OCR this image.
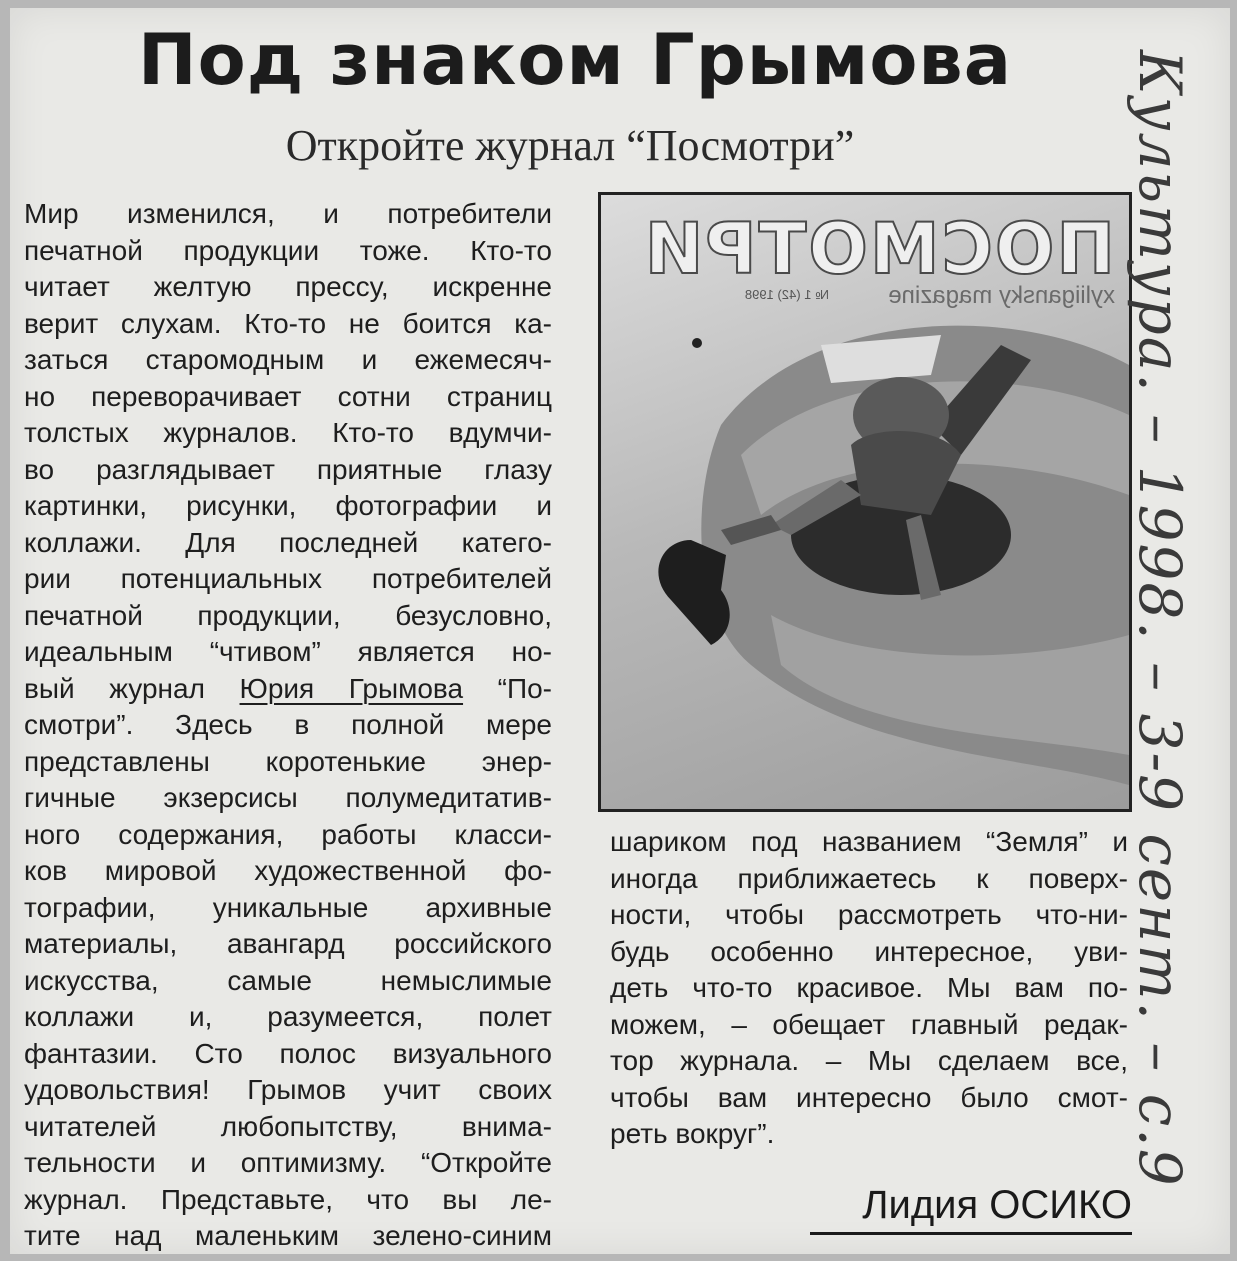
Под знаком Грымова
Откройте журнал “Посмотри”
Мир изменился, и потребители
печатной продукции тоже. Кто-то
читает желтую прессу, искренне
верит слухам. Кто-то не боится ка-
заться старомодным и ежемесяч-
но переворачивает сотни страниц
толстых журналов. Кто-то вдумчи-
во разглядывает приятные глазу
картинки, рисунки, фотографии и
коллажи. Для последней катего-
рии потенциальных потребителей
печатной продукции, безусловно,
идеальным “чтивом” является но-
вый журнал Юрия Грымова “По-
смотри”. Здесь в полной мере
представлены коротенькие энер-
гичные экзерсисы полумедитатив-
ного содержания, работы класси-
ков мировой художественной фо-
тографии, уникальные архивные
материалы, авангард российского
искусства, самые немыслимые
коллажи и, разумеется, полет
фантазии. Сто полос визуального
удовольствия! Грымов учит своих
читателей любопытству, внима-
тельности и оптимизму. “Откройте
журнал. Представьте, что вы ле-
тите над маленьким зелено-синим
ПОСМОТРИ
xyliigansky magazine
№ 1 (42) 1998
шариком под названием “Земля” и
иногда приближаетесь к поверх-
ности, чтобы рассмотреть что-ни-
будь особенно интересное, уви-
деть что-то красивое. Мы вам по-
можем, – обещает главный редак-
тор журнала. – Мы сделаем все,
чтобы вам интересно было смот-
реть вокруг”.
Лидия ОСИКО
Культура. – 1998. – 3-9 сент. – с.9
